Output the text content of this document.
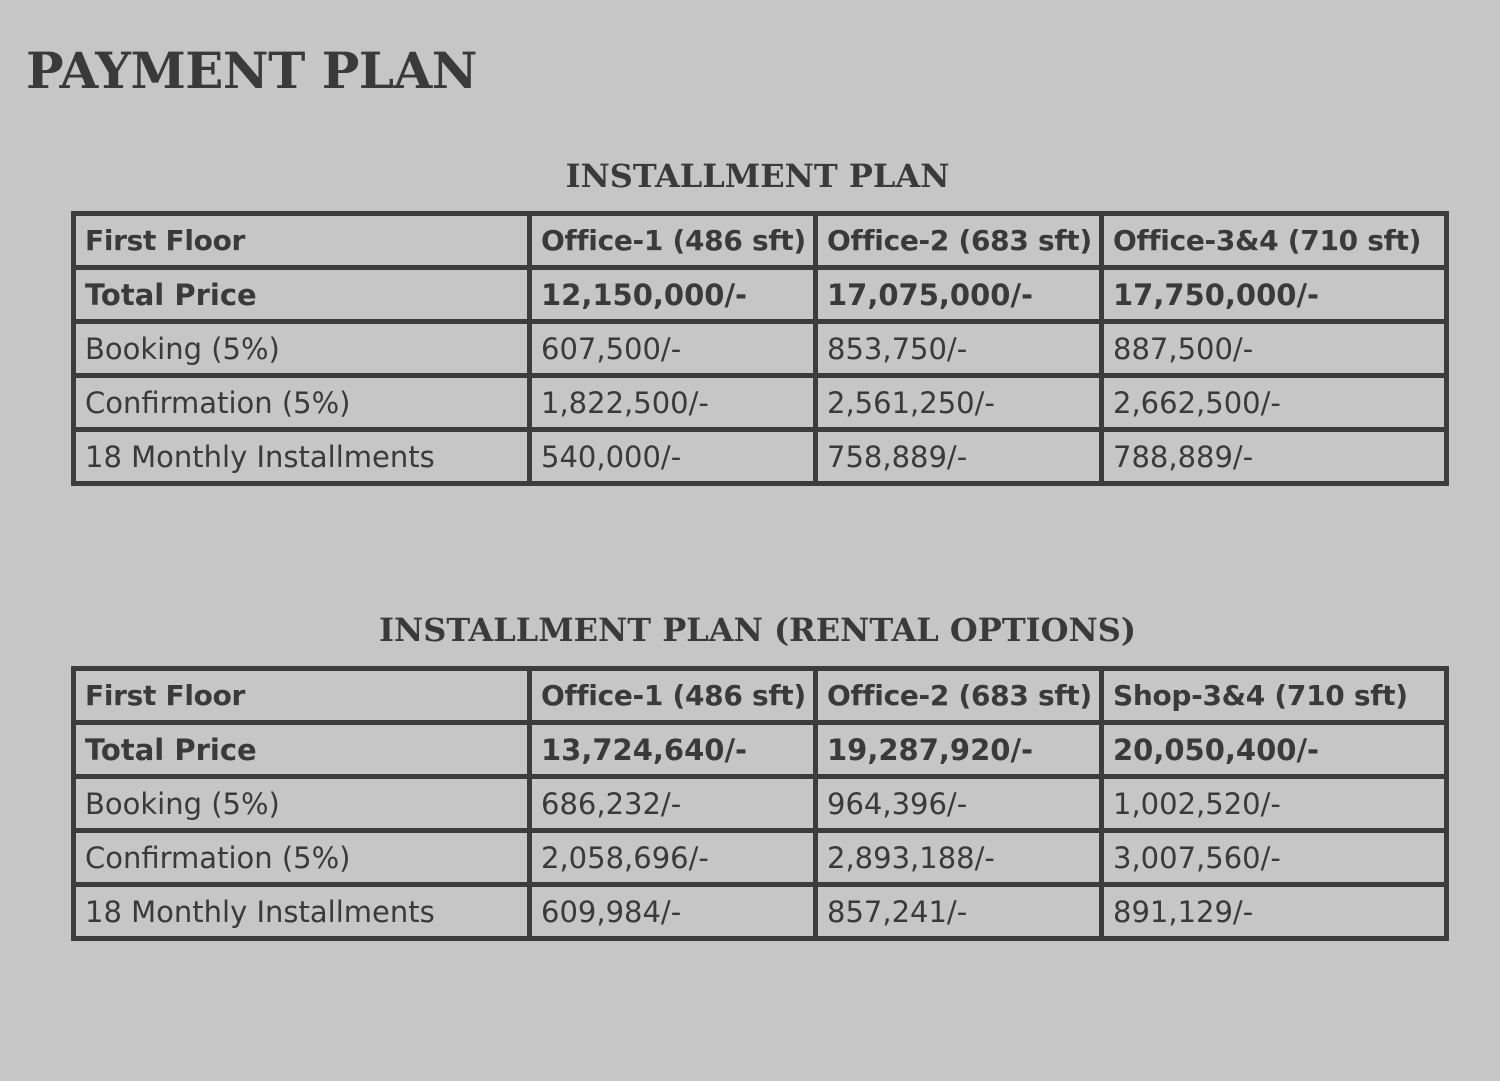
PAYMENT PLAN
INSTALLMENT PLAN
First Floor	Office-1 (486 sft)	Office-2 (683 sft)	Office-3&4 (710 sft)
Total Price	12,150,000/-	17,075,000/-	17,750,000/-
Booking (5%)	607,500/-	853,750/-	887,500/-
Confirmation (5%)	1,822,500/-	2,561,250/-	2,662,500/-
18 Monthly Installments	540,000/-	758,889/-	788,889/-
INSTALLMENT PLAN (RENTAL OPTIONS)
First Floor	Office-1 (486 sft)	Office-2 (683 sft)	Shop-3&4 (710 sft)
Total Price	13,724,640/-	19,287,920/-	20,050,400/-
Booking (5%)	686,232/-	964,396/-	1,002,520/-
Confirmation (5%)	2,058,696/-	2,893,188/-	3,007,560/-
18 Monthly Installments	609,984/-	857,241/-	891,129/-
